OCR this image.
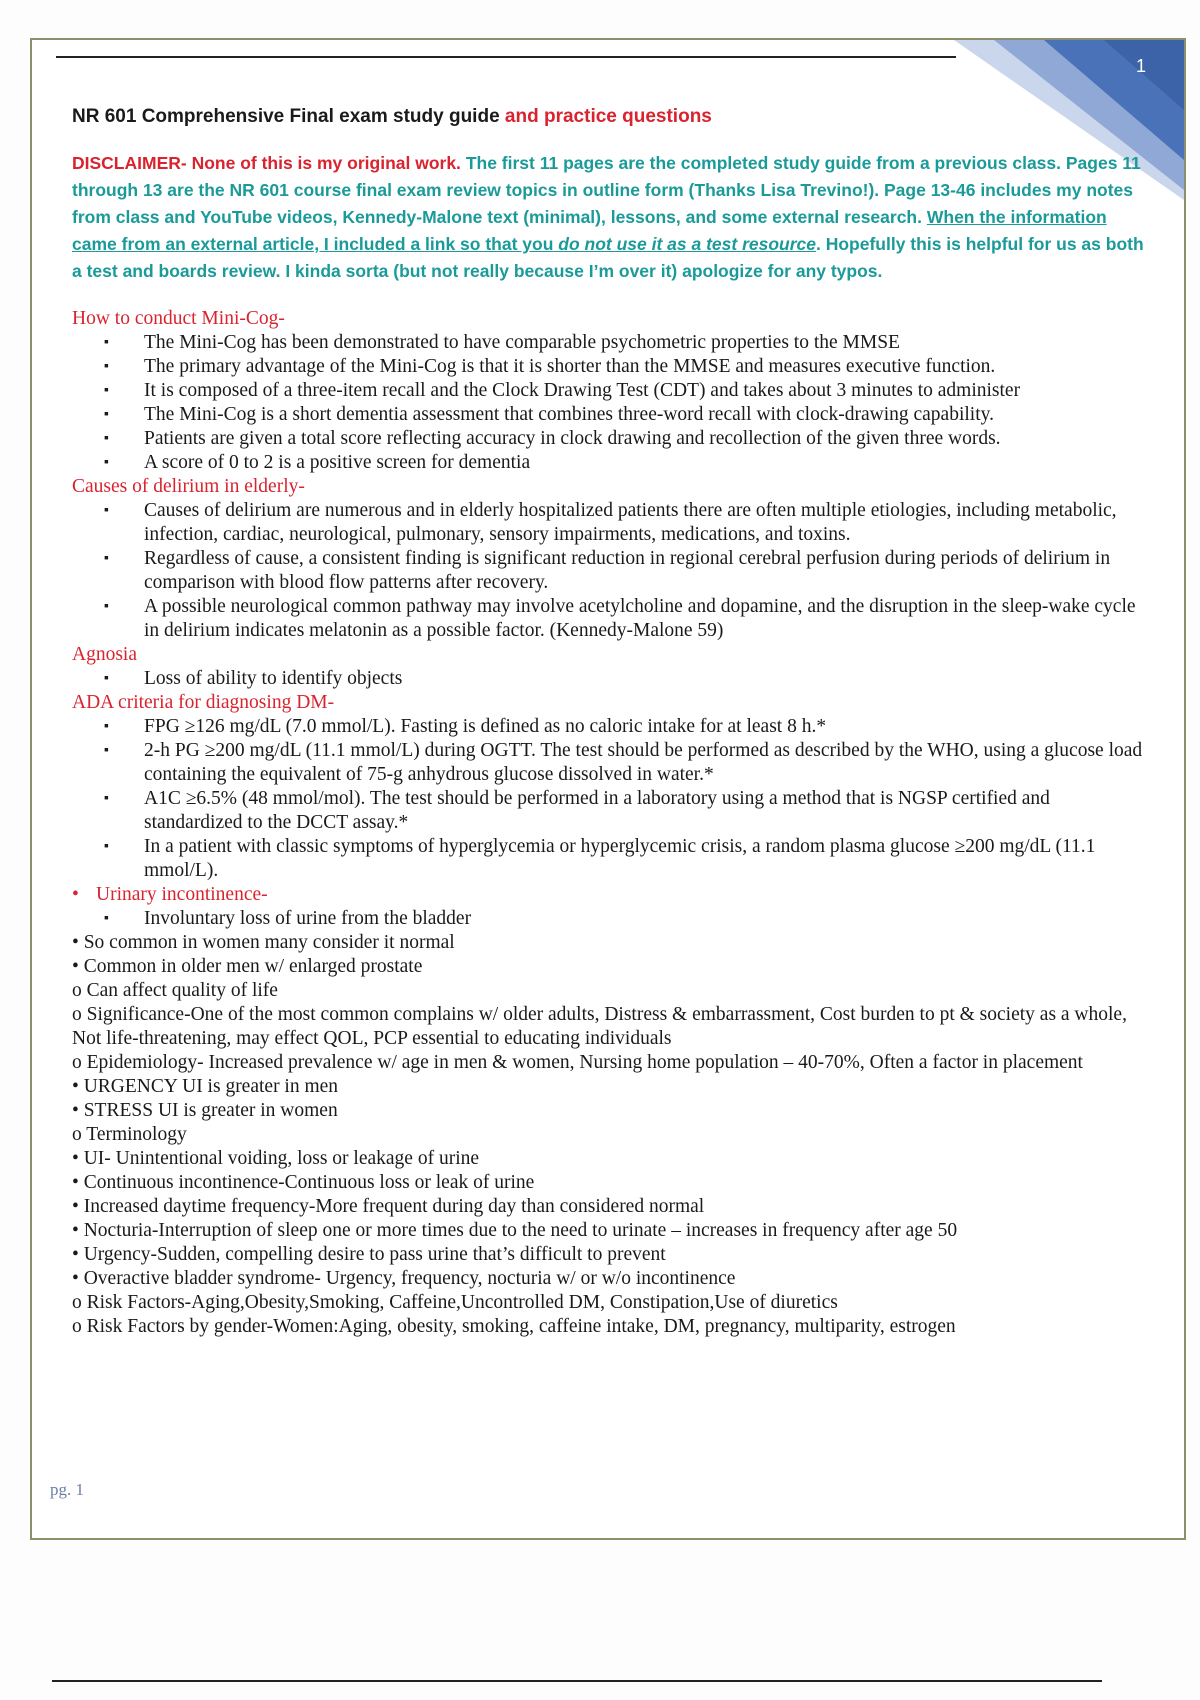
1

NR 601 Comprehensive Final exam study guide and practice questions

DISCLAIMER- None of this is my original work. The first 11 pages are the completed study guide from a previous class. Pages 11 through 13 are the NR 601 course final exam review topics in outline form (Thanks Lisa Trevino!). Page 13-46 includes my notes from class and YouTube videos, Kennedy-Malone text (minimal), lessons, and some external research. When the information came from an external article, I included a link so that you do not use it as a test resource. Hopefully this is helpful for us as both a test and boards review. I kinda sorta (but not really because I’m over it) apologize for any typos.

How to conduct Mini-Cog-

▪ The Mini-Cog has been demonstrated to have comparable psychometric properties to the MMSE
▪ The primary advantage of the Mini-Cog is that it is shorter than the MMSE and measures executive function.
▪ It is composed of a three-item recall and the Clock Drawing Test (CDT) and takes about 3 minutes to administer
▪ The Mini-Cog is a short dementia assessment that combines three-word recall with clock-drawing capability.
▪ Patients are given a total score reflecting accuracy in clock drawing and recollection of the given three words.
▪ A score of 0 to 2 is a positive screen for dementia

Causes of delirium in elderly-

▪ Causes of delirium are numerous and in elderly hospitalized patients there are often multiple etiologies, including metabolic, infection, cardiac, neurological, pulmonary, sensory impairments, medications, and toxins.
▪ Regardless of cause, a consistent finding is significant reduction in regional cerebral perfusion during periods of delirium in comparison with blood flow patterns after recovery.
▪ A possible neurological common pathway may involve acetylcholine and dopamine, and the disruption in the sleep-wake cycle in delirium indicates melatonin as a possible factor. (Kennedy-Malone 59)

Agnosia

▪ Loss of ability to identify objects

ADA criteria for diagnosing DM-

▪ FPG ≥126 mg/dL (7.0 mmol/L). Fasting is defined as no caloric intake for at least 8 h.*
▪ 2-h PG ≥200 mg/dL (11.1 mmol/L) during OGTT. The test should be performed as described by the WHO, using a glucose load containing the equivalent of 75-g anhydrous glucose dissolved in water.*
▪ A1C ≥6.5% (48 mmol/mol). The test should be performed in a laboratory using a method that is NGSP certified and standardized to the DCCT assay.*
▪ In a patient with classic symptoms of hyperglycemia or hyperglycemic crisis, a random plasma glucose ≥200 mg/dL (11.1 mmol/L).

• Urinary incontinence-

▪ Involuntary loss of urine from the bladder

• So common in women many consider it normal

• Common in older men w/ enlarged prostate

o Can affect quality of life

o Significance-One of the most common complains w/ older adults, Distress & embarrassment, Cost burden to pt & society as a whole, Not life-threatening, may effect QOL, PCP essential to educating individuals

o Epidemiology- Increased prevalence w/ age in men & women, Nursing home population – 40-70%, Often a factor in placement

• URGENCY UI is greater in men

• STRESS UI is greater in women

o Terminology

• UI- Unintentional voiding, loss or leakage of urine

• Continuous incontinence-Continuous loss or leak of urine

• Increased daytime frequency-More frequent during day than considered normal

• Nocturia-Interruption of sleep one or more times due to the need to urinate – increases in frequency after age 50

• Urgency-Sudden, compelling desire to pass urine that’s difficult to prevent

• Overactive bladder syndrome- Urgency, frequency, nocturia w/ or w/o incontinence

o Risk Factors-Aging,Obesity,Smoking, Caffeine,Uncontrolled DM, Constipation,Use of diuretics

o Risk Factors by gender-Women:Aging, obesity, smoking, caffeine intake, DM, pregnancy, multiparity, estrogen

pg. 1
